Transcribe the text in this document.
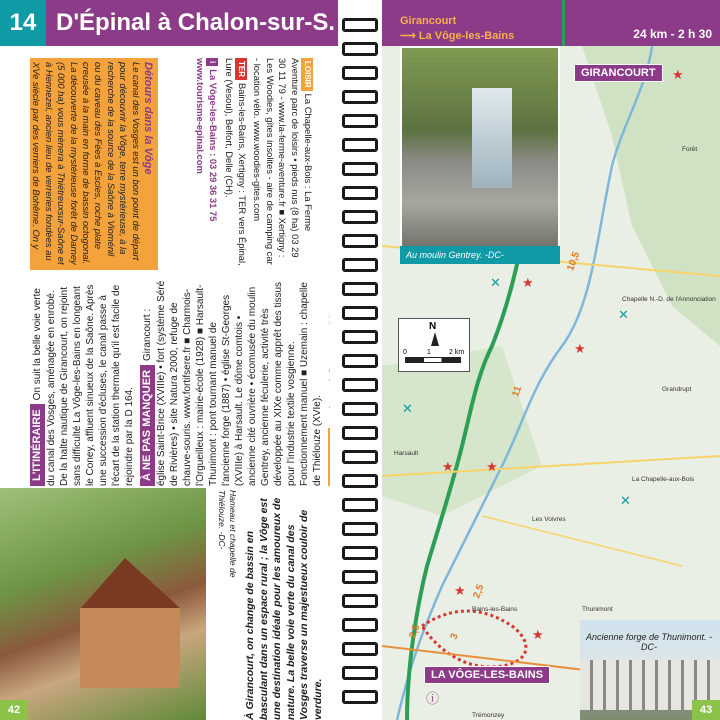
14 D'Épinal à Chalon-sur-S.
L'ITINÉRAIREOn suit la belle voie verte du canal des Vosges, aménagée en enrobé. De la halte nautique de Girancourt, on rejoint sans difficulté La Vôge-les-Bains en longeant le Coney, affluent sinueux de la Saône. Après une succession d'écluses, le canal passe à l'écart de la station thermale qu'il est facile de rejoindre par la D 164. À NE PAS MANQUERGirancourt : église Saint-Brice (XVIIIe) • fort (système Séré de Rivières) • site Natura 2000, refuge de chauve-souris. www.fortifsere.fr ■ Charmois-l'Orgueilleux : mairie-école (1928) ■ Harsault-Thunimont : pont tournant manuel de l'ancienne forge (1887) • église St-Georges (XVIIIe) à Harsault. Le dôme comtois • ancienne cité ouvrière • écomusée du moulin Gentrey, ancienne féculerie, activité très développée au XIXe comme apprêt des tissus pour l'industrie textile vosgienne. Fonctionnement manuel ■ Uzemain : chapelle de Thiélouze (XVIe).
Détours dans la Vôge

Le canal des Vosges est un bon point de départ pour découvrir la Vôge, terre mystérieuse, à la recherche de la source de la Saône à Vioménil ou du caveau des Fées à Escles, roche plate creusée à la main en forme de bassin octogonal. La découverte de la mystérieuse forêt de Darney (5 000 ha) vous mènera à Thiétreuxsur-Saône et à Hennezel, ancien lieu de verreries fondées au XVe siècle par des verriers de Bohême. On y

LOISIRLa Chapelle-aux-Bois : La Ferme Aventure parc de loisirs • pieds nus (8 ha) 03 29 30 11 79 - www.la-ferme-aventure.fr ■ Xertigny : Les Woodies, gîtes insolites - aire de camping car - location vélo. www.woodies-gites.com
TERBains-les-Bains, Xertigny : TER vers Épinal, Lure (Vesoul), Belfort, Delle (CH).
iLa Vôge-les-Bains : 03 29 36 31 75 www.tourisme-epinal.com
Hameau et chapelle de Thiélouze. -DC-
À Girancourt, on change de bassin en basculant dans un espace rural ; la Vôge est une destination idéale pour les amoureux de nature. La belle voie verte du canal des Vosges traverse un majestueux couloir de verdure.
42
Girancourt
⟶ La Vôge-les-Bains	24 km - 2 h 30
Au moulin Gentrey. -DC-
GIRANCOURT
LA VÔGE-LES-BAINS
N
0	1	2 km
10,5
11
2,5
2,5	3
Chapelle N.-D. de l'Annonciation
Harsault
Les Voivres
La Chapelle-aux-Bois
Bains-les-Bains	Thunimont
Forêt
Grandrupt
Trémonzey
★
✕ ★
✕
★
✕
★ ★
✕
★
★
ⓘ
Ancienne forge de Thunimont. -DC-
43
